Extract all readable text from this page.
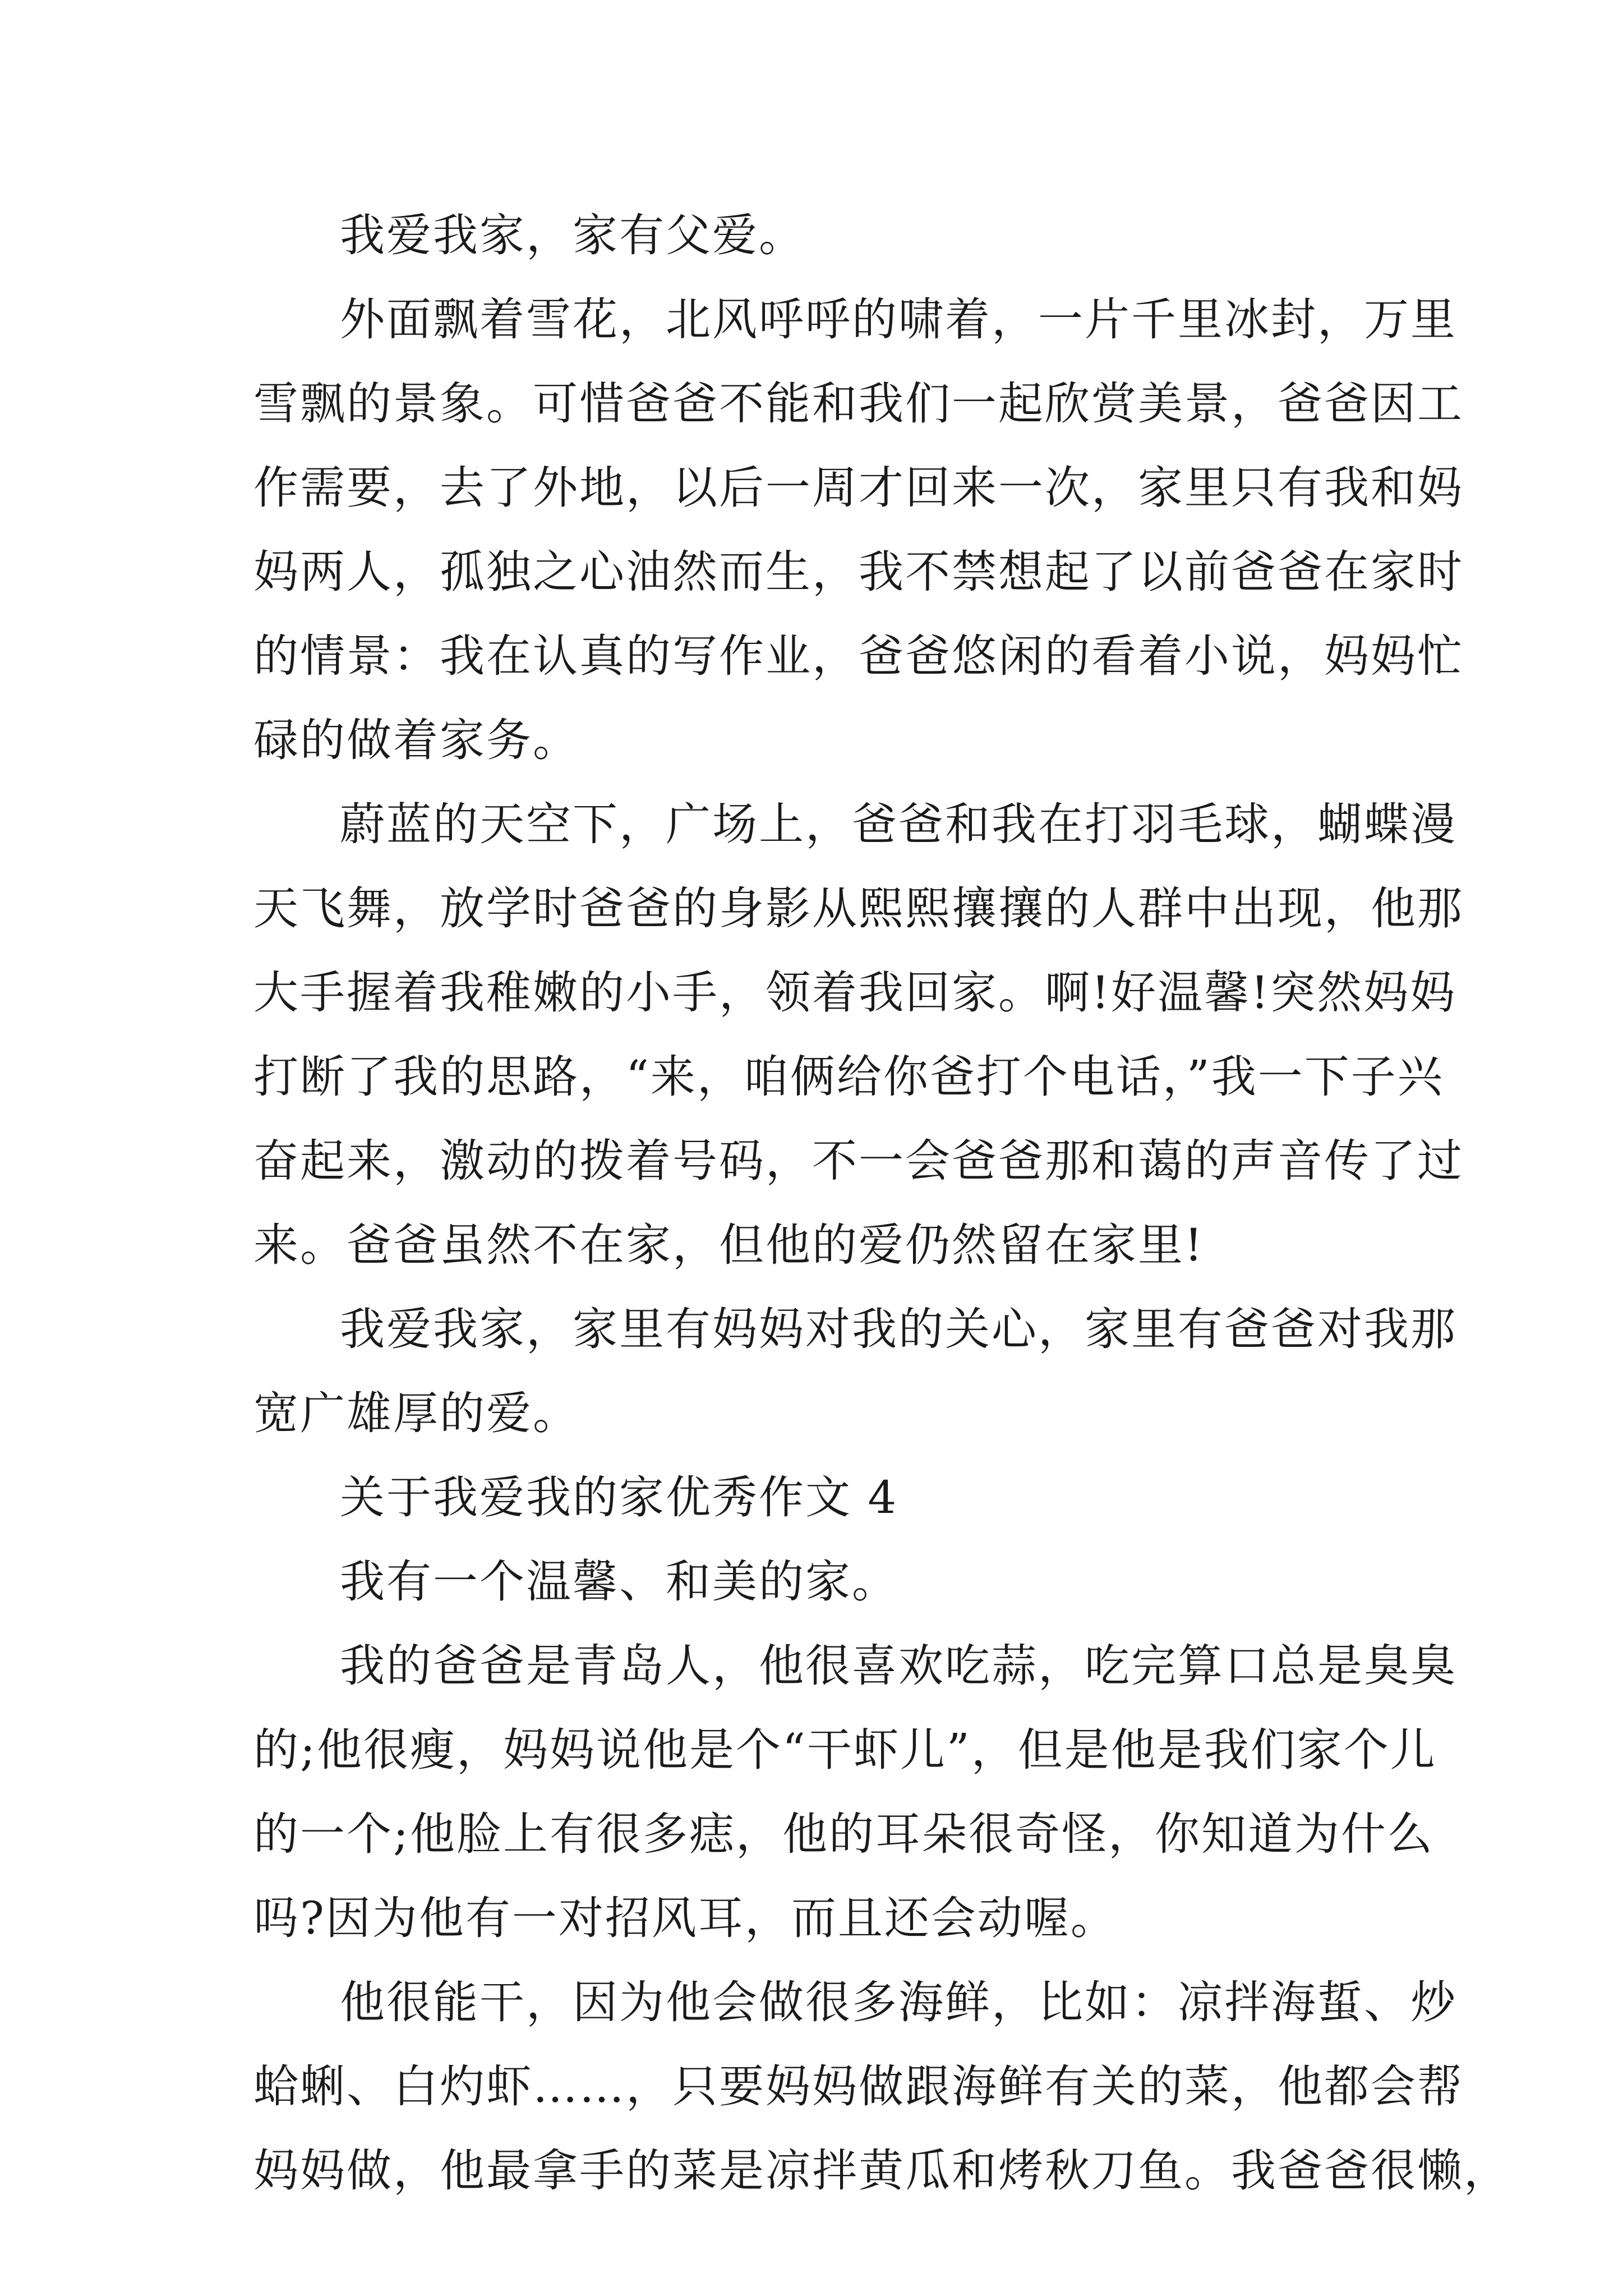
我爱我家，家有父爱。
外面飘着雪花，北风呼呼的啸着，一片千里冰封，万里
雪飘的景象。可惜爸爸不能和我们一起欣赏美景，爸爸因工
作需要，去了外地，以后一周才回来一次，家里只有我和妈
妈两人，孤独之心油然而生，我不禁想起了以前爸爸在家时
的情景：我在认真的写作业，爸爸悠闲的看着小说，妈妈忙
碌的做着家务。
蔚蓝的天空下，广场上，爸爸和我在打羽毛球，蝴蝶漫
天飞舞，放学时爸爸的身影从熙熙攘攘的人群中出现，他那
大手握着我稚嫩的小手，领着我回家。啊!好温馨!突然妈妈
打断了我的思路，“来，咱俩给你爸打个电话，”我一下子兴
奋起来，激动的拨着号码，不一会爸爸那和蔼的声音传了过
来。爸爸虽然不在家，但他的爱仍然留在家里!
我爱我家，家里有妈妈对我的关心，家里有爸爸对我那
宽广雄厚的爱。
关于我爱我的家优秀作文 4
我有一个温馨、和美的家。
我的爸爸是青岛人，他很喜欢吃蒜，吃完算口总是臭臭
的;他很瘦，妈妈说他是个“干虾儿”，但是他是我们家个儿
的一个;他脸上有很多痣，他的耳朵很奇怪，你知道为什么
吗?因为他有一对招风耳，而且还会动喔。
他很能干，因为他会做很多海鲜，比如：凉拌海蜇、炒
蛤蜊、白灼虾……，只要妈妈做跟海鲜有关的菜，他都会帮
妈妈做，他最拿手的菜是凉拌黄瓜和烤秋刀鱼。我爸爸很懒，
